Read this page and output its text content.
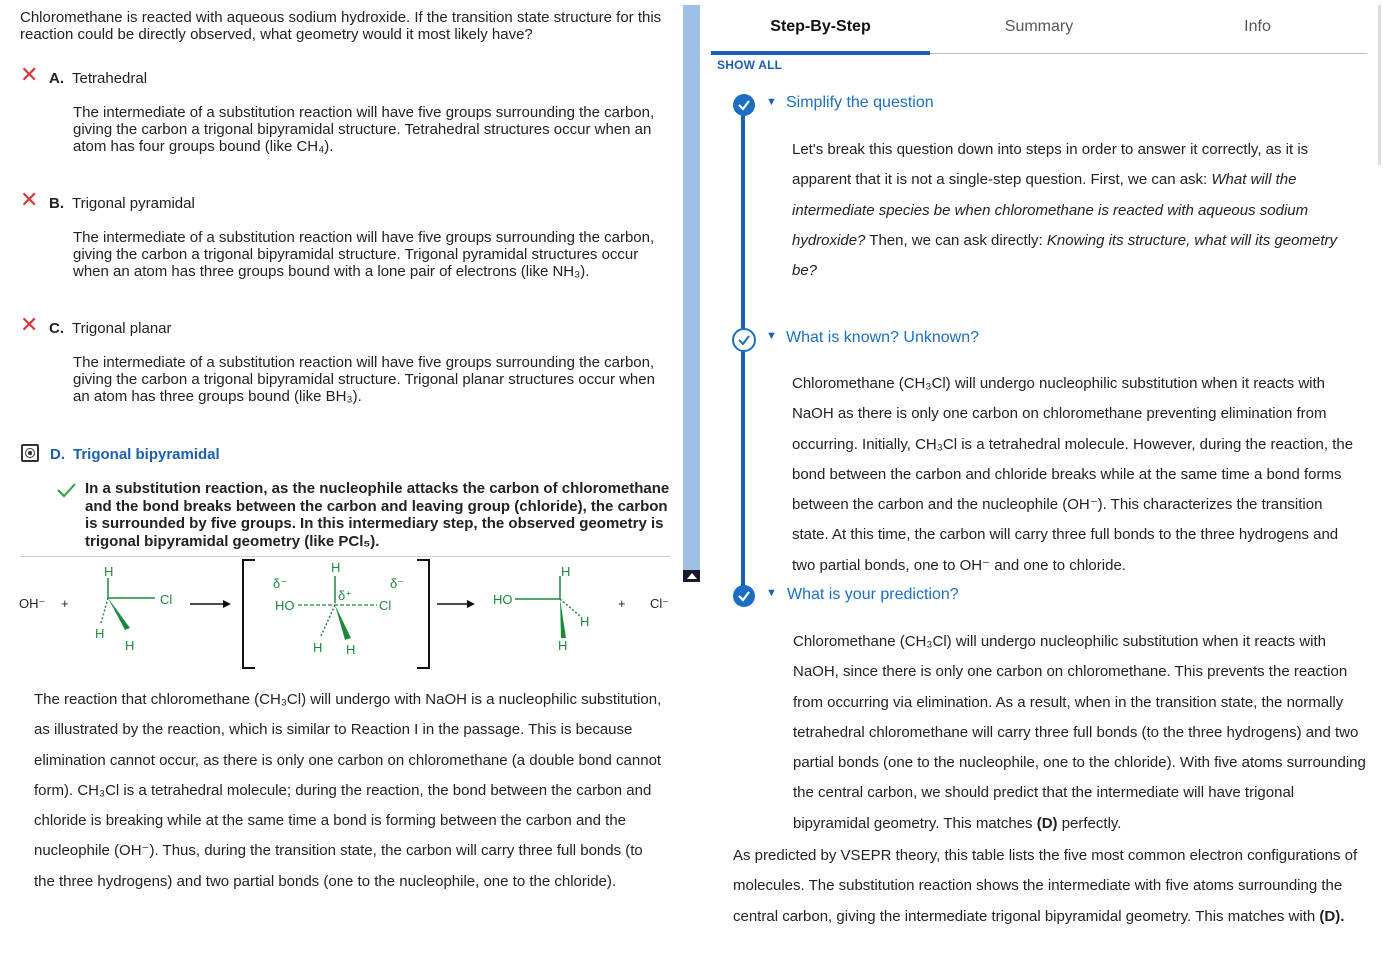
Chloromethane is reacted with aqueous sodium hydroxide. If the transition state structure for this reaction could be directly observed, what geometry would it most likely have?
✕ A. Tetrahedral
The intermediate of a substitution reaction will have five groups surrounding the carbon, giving the carbon a trigonal bipyramidal structure. Tetrahedral structures occur when an atom has four groups bound (like CH₄).
✕ B. Trigonal pyramidal
The intermediate of a substitution reaction will have five groups surrounding the carbon, giving the carbon a trigonal bipyramidal structure. Trigonal pyramidal structures occur when an atom has three groups bound with a lone pair of electrons (like NH₃).
✕ C. Trigonal planar
The intermediate of a substitution reaction will have five groups surrounding the carbon, giving the carbon a trigonal bipyramidal structure. Trigonal planar structures occur when an atom has three groups bound (like BH₃).
D. Trigonal bipyramidal
In a substitution reaction, as the nucleophile attacks the carbon of chloromethane and the bond breaks between the carbon and leaving group (chloride), the carbon is surrounded by five groups. In this intermediary step, the observed geometry is trigonal bipyramidal geometry (like PCl₅).
OH⁻ +
H
Cl
H
H
δ⁻	δ⁻
H
δ⁺
HO	Cl
H H
HO
H
H
H
+ Cl⁻
The reaction that chloromethane (CH₃Cl) will undergo with NaOH is a nucleophilic substitution, as illustrated by the reaction, which is similar to Reaction I in the passage. This is because elimination cannot occur, as there is only one carbon on chloromethane (a double bond cannot form). CH₃Cl is a tetrahedral molecule; during the reaction, the bond between the carbon and chloride is breaking while at the same time a bond is forming between the carbon and the nucleophile (OH⁻). Thus, during the transition state, the carbon will carry three full bonds (to the three hydrogens) and two partial bonds (one to the nucleophile, one to the chloride).
Step-By-Step	Summary	Info
SHOW ALL
▼ Simplify the question
Let's break this question down into steps in order to answer it correctly, as it is apparent that it is not a single-step question. First, we can ask: What will the intermediate species be when chloromethane is reacted with aqueous sodium hydroxide? Then, we can ask directly: Knowing its structure, what will its geometry be?
▼ What is known? Unknown?
Chloromethane (CH₃Cl) will undergo nucleophilic substitution when it reacts with NaOH as there is only one carbon on chloromethane preventing elimination from occurring. Initially, CH₃Cl is a tetrahedral molecule. However, during the reaction, the bond between the carbon and chloride breaks while at the same time a bond forms between the carbon and the nucleophile (OH⁻). This characterizes the transition state. At this time, the carbon will carry three full bonds to the three hydrogens and two partial bonds, one to OH⁻ and one to chloride.
▼ What is your prediction?
Chloromethane (CH₃Cl) will undergo nucleophilic substitution when it reacts with NaOH, since there is only one carbon on chloromethane. This prevents the reaction from occurring via elimination. As a result, when in the transition state, the normally tetrahedral chloromethane will carry three full bonds (to the three hydrogens) and two partial bonds (one to the nucleophile, one to the chloride). With five atoms surrounding the central carbon, we should predict that the intermediate will have trigonal bipyramidal geometry. This matches (D) perfectly.
As predicted by VSEPR theory, this table lists the five most common electron configurations of molecules. The substitution reaction shows the intermediate with five atoms surrounding the central carbon, giving the intermediate trigonal bipyramidal geometry. This matches with (D).
